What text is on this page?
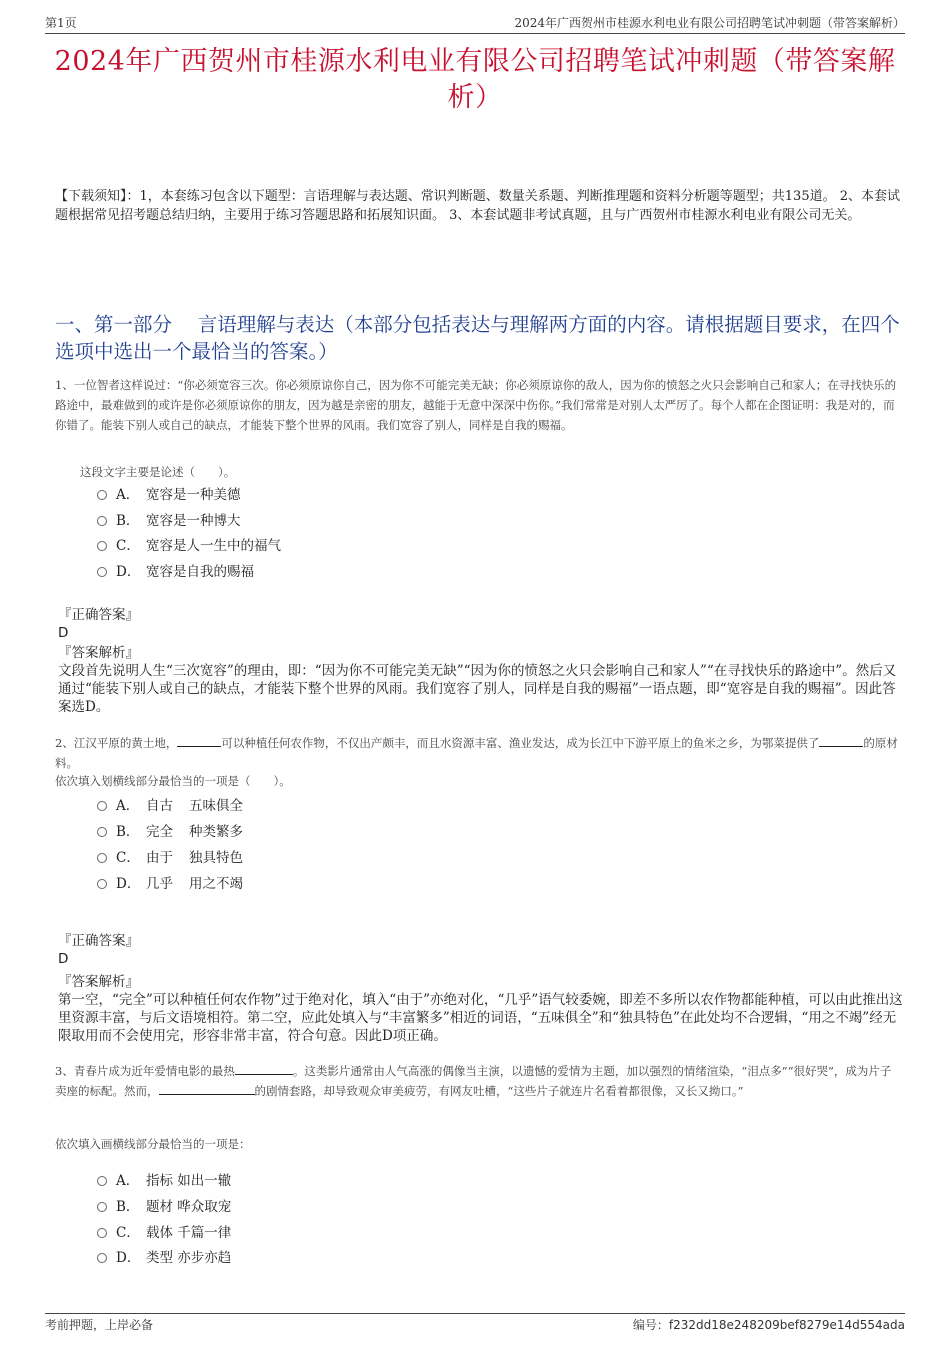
第1页	2024年广西贺州市桂源水利电业有限公司招聘笔试冲刺题（带答案解析）
2024年广西贺州市桂源水利电业有限公司招聘笔试冲刺题（带答案解析）
【下载须知】：1，本套练习包含以下题型：言语理解与表达题、常识判断题、数量关系题、判断推理题和资料分析题等题型；共135道。 2、本套试题根据常见招考题总结归纳，主要用于练习答题思路和拓展知识面。 3、本套试题非考试真题，且与广西贺州市桂源水利电业有限公司无关。
一、第一部分　 言语理解与表达（本部分包括表达与理解两方面的内容。请根据题目要求，在四个选项中选出一个最恰当的答案。）
1、一位智者这样说过：“你必须宽容三次。你必须原谅你自己，因为你不可能完美无缺；你必须原谅你的敌人，因为你的愤怒之火只会影响自己和家人；在寻找快乐的路途中，最难做到的或许是你必须原谅你的朋友，因为越是亲密的朋友，越能于无意中深深中伤你。”我们常常是对别人太严厉了。每个人都在企图证明：我是对的，而你错了。能装下别人或自己的缺点，才能装下整个世界的风雨。我们宽容了别人，同样是自我的赐福。
这段文字主要是论述（　　）。
A． 宽容是一种美德
B． 宽容是一种博大
C． 宽容是人一生中的福气
D． 宽容是自我的赐福
『正确答案』
D
『答案解析』
文段首先说明人生“三次宽容”的理由，即：“因为你不可能完美无缺”“因为你的愤怒之火只会影响自己和家人”“在寻找快乐的路途中”。然后又通过“能装下别人或自己的缺点，才能装下整个世界的风雨。我们宽容了别人，同样是自我的赐福”一语点题，即“宽容是自我的赐福”。因此答案选D。
2、江汉平原的黄土地，	可以种植任何农作物，不仅出产颇丰，而且水资源丰富、渔业发达，成为长江中下游平原上的鱼米之乡，为鄂菜提供了	的原材料。
依次填入划横线部分最恰当的一项是（　　）。
A． 自古 五味俱全
B． 完全 种类繁多
C． 由于 独具特色
D． 几乎 用之不竭
『正确答案』
D
『答案解析』
第一空，“完全”可以种植任何农作物”过于绝对化，填入“由于”亦绝对化，“几乎”语气较委婉，即差不多所以农作物都能种植，可以由此推出这里资源丰富，与后文语境相符。第二空，应此处填入与“丰富繁多”相近的词语，“五味俱全”和“独具特色”在此处均不合逻辑，“用之不竭”经无限取用而不会使用完，形容非常丰富，符合句意。因此D项正确。
3、青春片成为近年爱情电影的最热	。这类影片通常由人气高涨的偶像当主演，以遗憾的爱情为主题，加以强烈的情绪渲染，“泪点多”“很好哭”，成为片子卖座的标配。然而，	的剧情套路，却导致观众审美疲劳，有网友吐槽，“这些片子就连片名看着都很像，又长又拗口。”
依次填入画横线部分最恰当的一项是：
A． 指标 如出一辙
B． 题材 哗众取宠
C． 载体 千篇一律
D． 类型 亦步亦趋
考前押题，上岸必备	编号：f232dd18e248209bef8279e14d554ada
